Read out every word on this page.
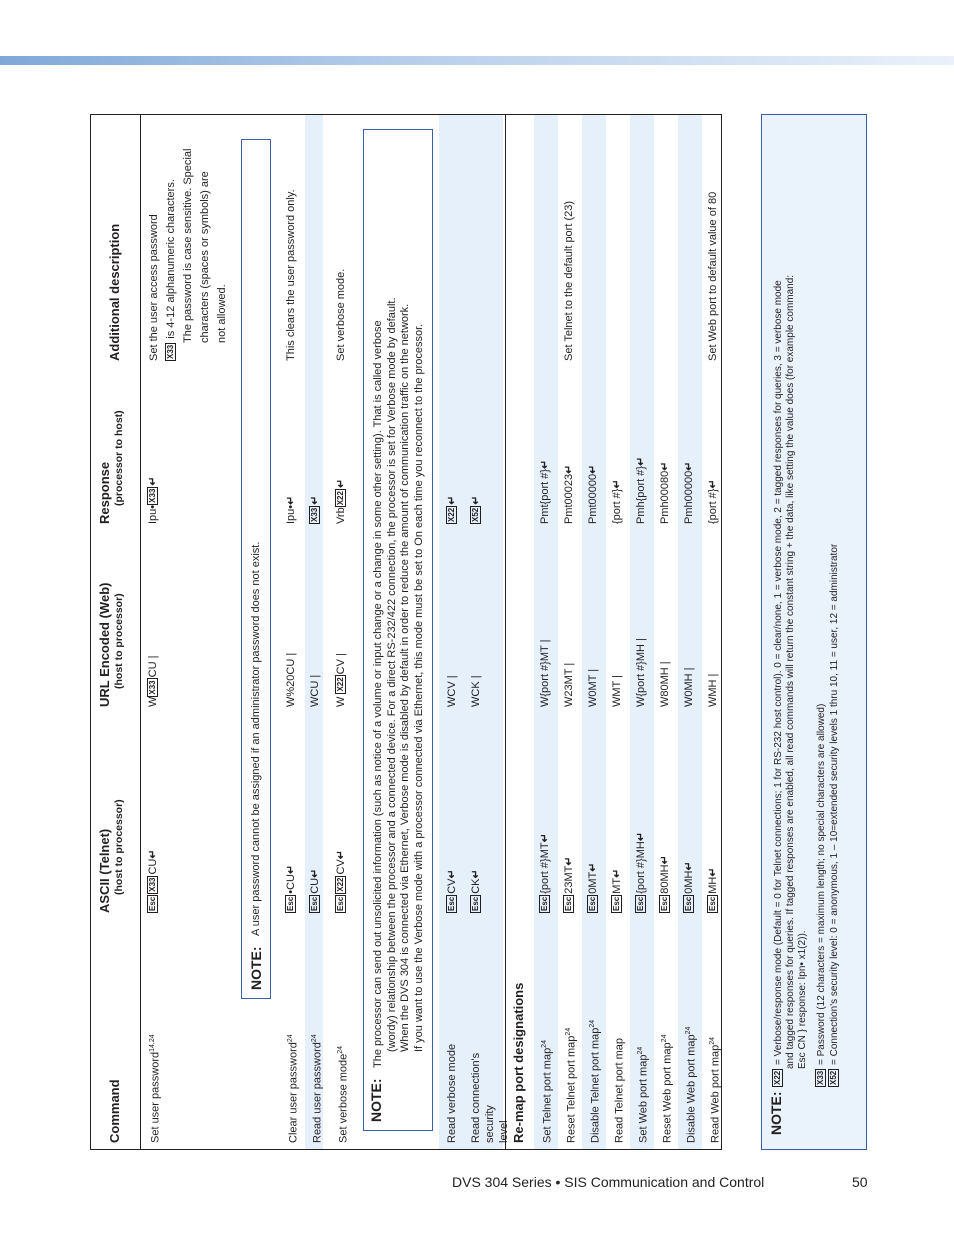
Command
ASCII (Telnet) (host to processor)
URL Encoded (Web) (host to processor)
Response (processor to host)
Additional description
Set user password$^{14,24}$
EscX33CU↵
WX33CU |
Ipu•X33↵
Set the user access password X33 is 4-12 alphanumeric characters. The password is case sensitive. Special characters (spaces or symbols) are not allowed.
NOTE:
A user password cannot be assigned if an administrator password does not exist.
Clear user password$^{24}$
Esc•CU↵
W%20CU |
Ipu•↵
This clears the user password only.
Read user password$^{24}$
EscCU↵
WCU |
X33↵
Set verbose mode$^{24}$
EscX22CV↵
W X22CV |
VrbX22↵
Set verbose mode.
NOTE:
The processor can send out unsolicited information (such as notice of a volume or input change or a change in some other setting). That is called verbose (wordy) relationship between the processor and a connected device. For a direct RS-232/422 connection, the processor is set for Verbose mode by default. When the DVS 304 is connected via Ethernet, Verbose mode is disabled by default in order to reduce the amount of communication traffic on the network. If you want to use the Verbose mode with a processor connected via Ethernet, this mode must be set to On each time you reconnect to the processor.
Read verbose mode
EscCV↵
WCV |
X22↵
Read connection's security level
EscCK↵
WCK |
X52↵
Re-map port designations	Set Telnet port map$^{24}$
Esc{port #}MT↵
W{port #}MT |
Pmt{port #}↵
Reset Telnet port map$^{24}$
Esc23MT↵
W23MT |
Pmt00023↵
Set Telnet to the default port (23)
Disable Telnet port map$^{24}$
Esc0MT↵
W0MT |
Pmt00000↵
Read Telnet port map
EscMT↵
WMT |
{port #}↵
Set Web port map$^{24}$
Esc{port #}MH↵
W{port #}MH |
Pmh{port #}↵
Reset Web port map$^{24}$
Esc80MH↵
W80MH |
Pmh00080↵
Disable Web port map$^{24}$
Esc0MH↵
W0MH |
Pmh00000↵
Read Web port map$^{24}$
EscMH↵
WMH |
{port #}↵
Set Web port to default value of 80
NOTE:
X22 = Verbose/response mode (Default = 0 for Telnet connections; 1 for RS-232 host control). 0 = clear/none, 1 = verbose mode, 2 = tagged responses for queries, 3 = verbose mode and tagged responses for queries. If tagged responses are enabled, all read commands will return the constant string + the data, like setting the value does (for example command: Esc CN } response: Ipn• x1(2)).
X33 = Password (12 characters = maximum length; no special characters are allowed)
X52 = Connection's security level: 0 = anonymous, 1 – 10=extended security levels 1 thru 10, 11 = user, 12 = administrator
DVS 304 Series • SIS Communication and Control	50
